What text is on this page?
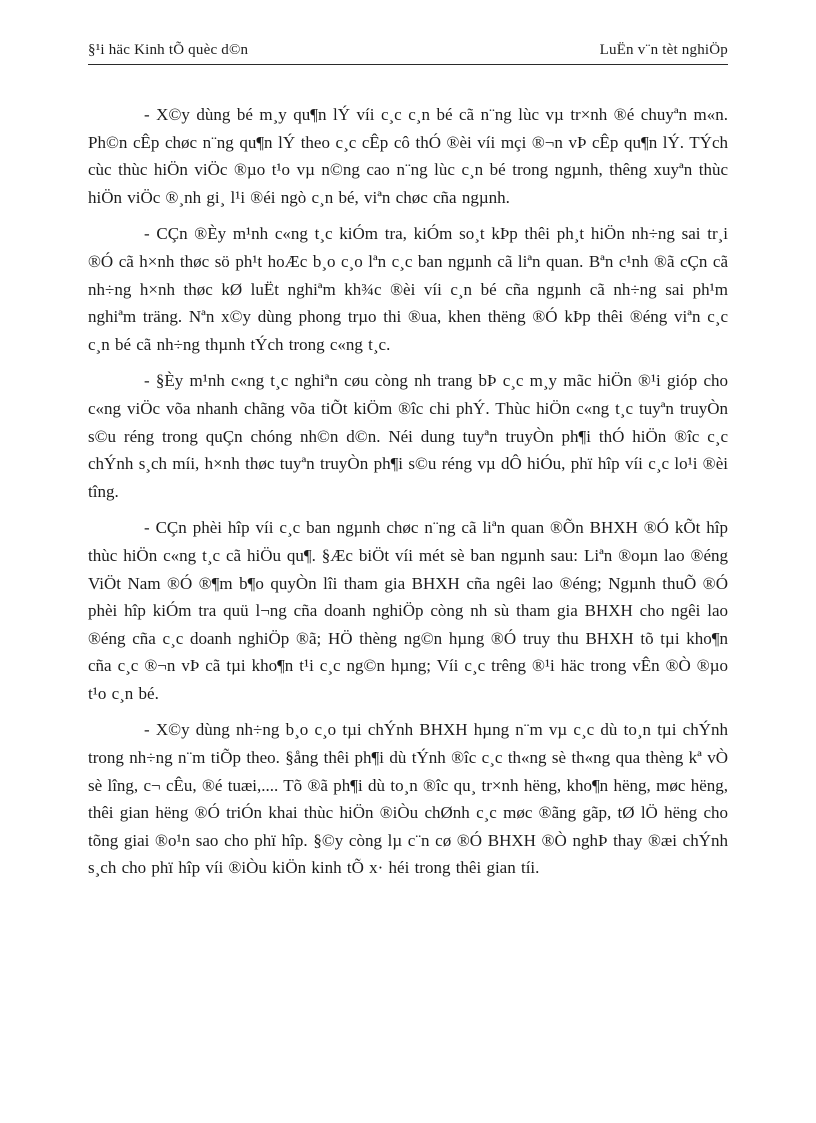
§¹i häc Kinh tÕ quèc d©n	LuËn v¨n tèt nghiÖp

- X©y dùng bé m¸y qu¶n lÝ víi c¸c c¸n bé cã n¨ng lùc vµ tr×nh ®é chuyªn m«n. Ph©n cÊp chøc n¨ng qu¶n lÝ theo c¸c cÊp cô thÓ ®èi víi mçi ®¬n vÞ cÊp qu¶n lÝ. TÝch cùc thùc hiÖn viÖc ®µo t¹o vµ n©ng cao n¨ng lùc c¸n bé trong ngµnh, thêng xuyªn thùc hiÖn viÖc ®¸nh gi¸ l¹i ®éi ngò c¸n bé, viªn chøc cña ngµnh.

- CÇn ®Èy m¹nh c«ng t¸c kiÓm tra, kiÓm so¸t kÞp thêi ph¸t hiÖn nh÷ng sai tr¸i ®Ó cã h×nh thøc sö ph¹t hoÆc b¸o c¸o lªn c¸c ban ngµnh cã liªn quan. Bªn c¹nh ®ã cÇn cã nh÷ng h×nh thøc kØ luËt nghiªm kh¾c ®èi víi c¸n bé cña ngµnh cã nh÷ng sai ph¹m nghiªm träng. Nªn x©y dùng phong trµo thi ®ua, khen thëng ®Ó kÞp thêi ®éng viªn c¸c c¸n bé cã nh÷ng thµnh tÝch trong c«ng t¸c.

- §Èy m¹nh c«ng t¸c nghiªn cøu còng nh trang bÞ c¸c m¸y mãc hiÖn ®¹i gióp cho c«ng viÖc võa nhanh chãng võa tiÕt kiÖm ®îc chi phÝ. Thùc hiÖn c«ng t¸c tuyªn truyÒn s©u réng trong quÇn chóng nh©n d©n. Néi dung tuyªn truyÒn ph¶i thÓ hiÖn ®îc c¸c chÝnh s¸ch míi, h×nh thøc tuyªn truyÒn ph¶i s©u réng vµ dÔ hiÓu, phï hîp víi c¸c lo¹i ®èi tîng.

- CÇn phèi hîp víi c¸c ban ngµnh chøc n¨ng cã liªn quan ®Õn BHXH ®Ó kÕt hîp thùc hiÖn c«ng t¸c cã hiÖu qu¶. §Æc biÖt víi mét sè ban ngµnh sau: Liªn ®oµn lao ®éng ViÖt Nam ®Ó ®¶m b¶o quyÒn lîi tham gia BHXH cña ngêi lao ®éng; Ngµnh thuÕ ®Ó phèi hîp kiÓm tra quü l¬ng cña doanh nghiÖp còng nh sù tham gia BHXH cho ngêi lao ®éng cña c¸c doanh nghiÖp ®ã; HÖ thèng ng©n hµng ®Ó truy thu BHXH tõ tµi kho¶n cña c¸c ®¬n vÞ cã tµi kho¶n t¹i c¸c ng©n hµng; Víi c¸c trêng ®¹i häc trong vÊn ®Ò ®µo t¹o c¸n bé.

- X©y dùng nh÷ng b¸o c¸o tµi chÝnh BHXH hµng n¨m vµ c¸c dù to¸n tµi chÝnh trong nh÷ng n¨m tiÕp theo. §ång thêi ph¶i dù tÝnh ®îc c¸c th«ng sè th«ng qua thèng kª vÒ sè lîng, c¬ cÊu, ®é tuæi,.... Tõ ®ã ph¶i dù to¸n ®îc qu¸ tr×nh hëng, kho¶n hëng, møc hëng, thêi gian hëng ®Ó triÓn khai thùc hiÖn ®iÒu chØnh c¸c møc ®ãng gãp, tØ lÖ hëng cho tõng giai ®o¹n sao cho phï hîp. §©y còng lµ c¨n cø ®Ó BHXH ®Ò nghÞ thay ®æi chÝnh s¸ch cho phï hîp víi ®iÒu kiÖn kinh tÕ x· héi trong thêi gian tíi.
